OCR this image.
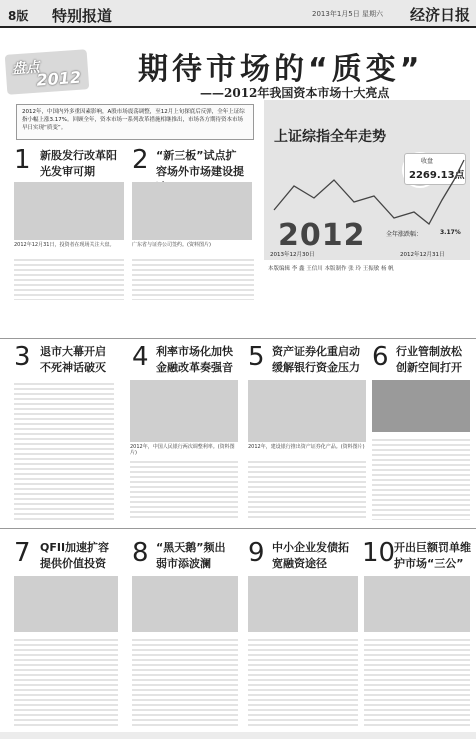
8版 特别报道	2013年1月5日 星期六 经济日报
盘点
2012 期待市场的“质变”
——2012年我国资本市场十大亮点
2012年，中国内外多重因素影响，A股市场震荡调整，至12月上旬探底后反弹，全年上证综指小幅上涨3.17%。回顾全年，资本市场一系列改革措施相继推出，市场各方期待资本市场早日实现“质变”。
上证综指全年走势
收盘
2269.13点
2012	全年涨跌幅：	3.17%
2013年12月30日	2012年12月31日
本版编辑 李 鑫 王信川 本版制作 张 玲 王振敏 杨 帆
1 新股发行改革阳光发审可期
2012年12月31日，投资者在现场关注大盘。
2 “新三板”试点扩容场外市场建设提
广东省与证券公司签约。(资料图片)
3 退市大幕开启不死神话破灭	4 利率市场化加快金融改革奏强音
2012年，中国人民银行两次调整利率。(资料图片)
5 资产证券化重启动缓解银行资金压力
2012年，建设银行推出资产证券化产品。(资料图片)
6 行业管制放松创新空间打开
7 QFII加速扩容提供价值投资	8 “黑天鹅”频出弱市添波澜	9 中小企业发债拓宽融资途径	10
开出巨额罚单维护市场“三公”
